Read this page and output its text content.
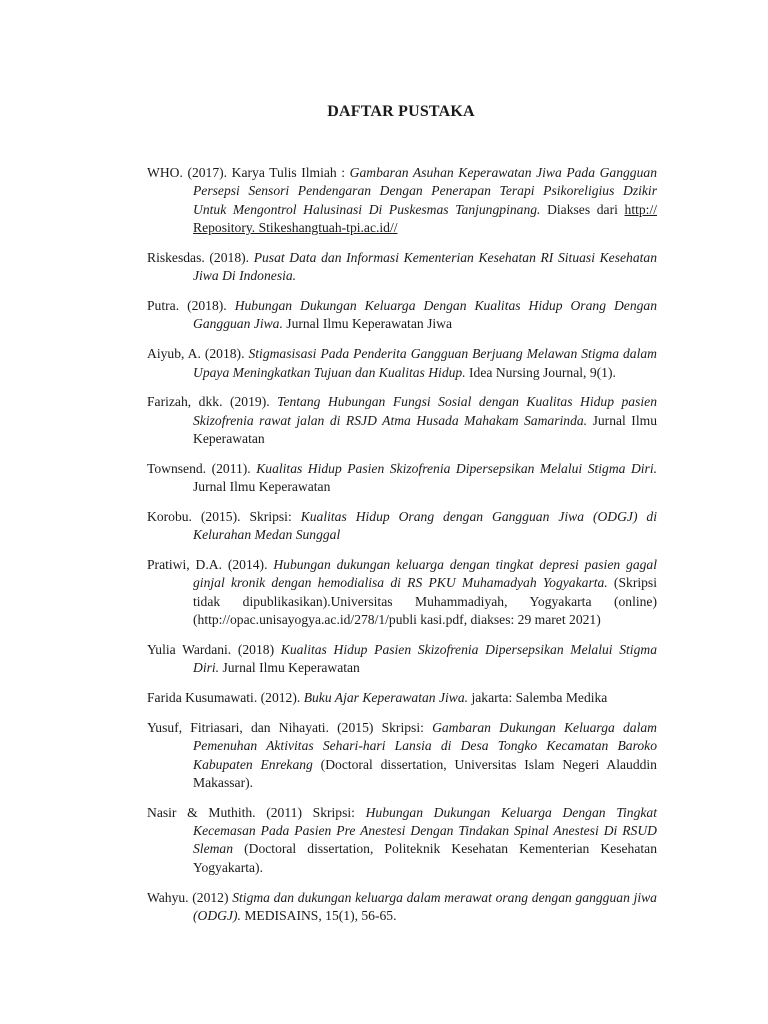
DAFTAR PUSTAKA

WHO. (2017). Karya Tulis Ilmiah : Gambaran Asuhan Keperawatan Jiwa Pada Gangguan Persepsi Sensori Pendengaran Dengan Penerapan Terapi Psikoreligius Dzikir Untuk Mengontrol Halusinasi Di Puskesmas Tanjungpinang. Diakses dari http:// Repository. Stikeshangtuah-tpi.ac.id//

Riskesdas. (2018). Pusat Data dan Informasi Kementerian Kesehatan RI Situasi Kesehatan Jiwa Di Indonesia.

Putra. (2018). Hubungan Dukungan Keluarga Dengan Kualitas Hidup Orang Dengan Gangguan Jiwa. Jurnal Ilmu Keperawatan Jiwa

Aiyub, A. (2018). Stigmasisasi Pada Penderita Gangguan Berjuang Melawan Stigma dalam Upaya Meningkatkan Tujuan dan Kualitas Hidup. Idea Nursing Journal, 9(1).

Farizah, dkk. (2019). Tentang Hubungan Fungsi Sosial dengan Kualitas Hidup pasien Skizofrenia rawat jalan di RSJD Atma Husada Mahakam Samarinda. Jurnal Ilmu Keperawatan

Townsend. (2011). Kualitas Hidup Pasien Skizofrenia Dipersepsikan Melalui Stigma Diri. Jurnal Ilmu Keperawatan

Korobu. (2015). Skripsi: Kualitas Hidup Orang dengan Gangguan Jiwa (ODGJ) di Kelurahan Medan Sunggal

Pratiwi, D.A. (2014). Hubungan dukungan keluarga dengan tingkat depresi pasien gagal ginjal kronik dengan hemodialisa di RS PKU Muhamadyah Yogyakarta. (Skripsi tidak dipublikasikan).Universitas Muhammadiyah, Yogyakarta (online) (http://opac.unisayogya.ac.id/278/1/publi kasi.pdf, diakses: 29 maret 2021)

Yulia Wardani. (2018) Kualitas Hidup Pasien Skizofrenia Dipersepsikan Melalui Stigma Diri. Jurnal Ilmu Keperawatan

Farida Kusumawati. (2012). Buku Ajar Keperawatan Jiwa. jakarta: Salemba Medika

Yusuf, Fitriasari, dan Nihayati. (2015) Skripsi: Gambaran Dukungan Keluarga dalam Pemenuhan Aktivitas Sehari-hari Lansia di Desa Tongko Kecamatan Baroko Kabupaten Enrekang (Doctoral dissertation, Universitas Islam Negeri Alauddin Makassar).

Nasir & Muthith. (2011) Skripsi: Hubungan Dukungan Keluarga Dengan Tingkat Kecemasan Pada Pasien Pre Anestesi Dengan Tindakan Spinal Anestesi Di RSUD Sleman (Doctoral dissertation, Politeknik Kesehatan Kementerian Kesehatan Yogyakarta).

Wahyu. (2012) Stigma dan dukungan keluarga dalam merawat orang dengan gangguan jiwa (ODGJ). MEDISAINS, 15(1), 56-65.
